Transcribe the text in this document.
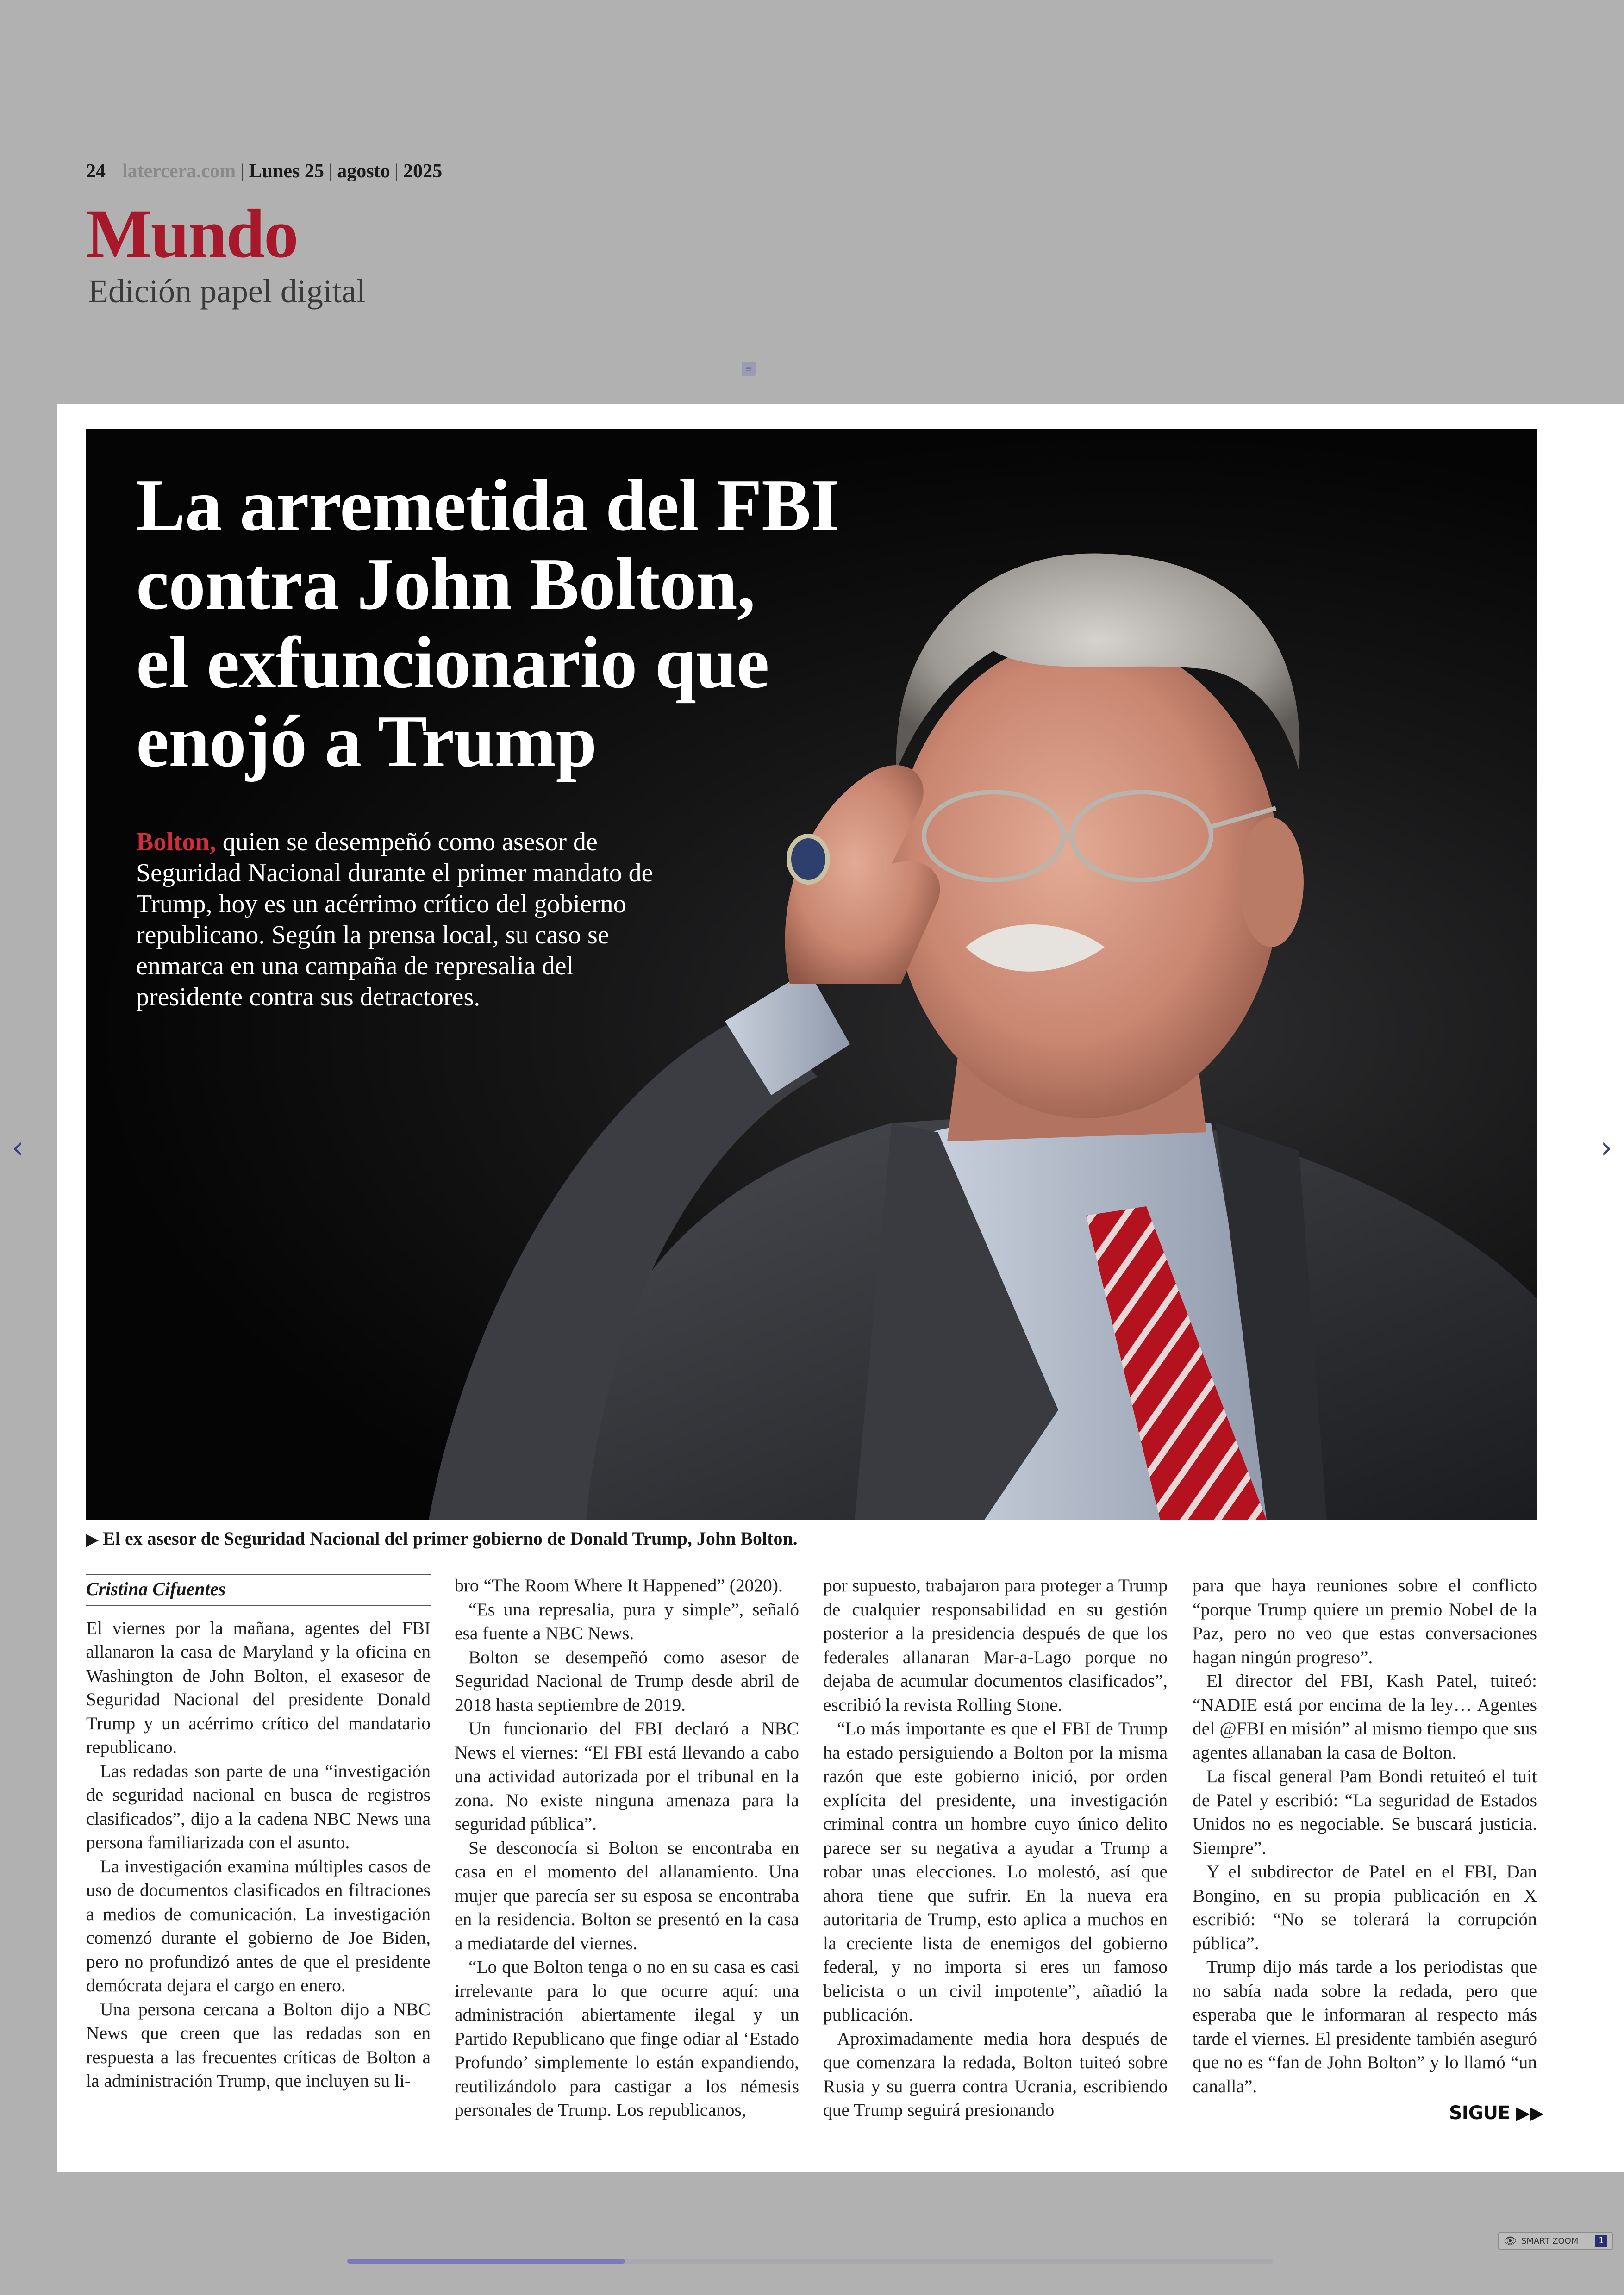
24 latercera.com | Lunes 25 | agosto | 2025
Mundo
Edición papel digital
≡
La arremetida del FBI
contra John Bolton,
el exfuncionario que
enojó a Trump

Bolton, quien se desempeñó como asesor de Seguridad Nacional durante el primer mandato de Trump, hoy es un acérrimo crítico del gobierno republicano. Según la prensa local, su caso se enmarca en una campaña de represalia del presidente contra sus detractores.

▶ El ex asesor de Seguridad Nacional del primer gobierno de Donald Trump, John Bolton.
Cristina Cifuentes

El viernes por la mañana, agentes del FBI allanaron la casa de Maryland y la oficina en Washington de John Bolton, el exasesor de Seguridad Nacional del presidente Donald Trump y un acérrimo crítico del mandatario republicano.

Las redadas son parte de una “investigación de seguridad nacional en busca de registros clasificados”, dijo a la cadena NBC News una persona familiarizada con el asunto.

La investigación examina múltiples casos de uso de documentos clasificados en filtraciones a medios de comunicación. La investigación comenzó durante el gobierno de Joe Biden, pero no profundizó antes de que el presidente demócrata dejara el cargo en enero.

Una persona cercana a Bolton dijo a NBC News que creen que las redadas son en respuesta a las frecuentes críticas de Bolton a la administración Trump, que incluyen su li-

bro “The Room Where It Happened” (2020).

“Es una represalia, pura y simple”, señaló esa fuente a NBC News.

Bolton se desempeñó como asesor de Seguridad Nacional de Trump desde abril de 2018 hasta septiembre de 2019.

Un funcionario del FBI declaró a NBC News el viernes: “El FBI está llevando a cabo una actividad autorizada por el tribunal en la zona. No existe ninguna amenaza para la seguridad pública”.

Se desconocía si Bolton se encontraba en casa en el momento del allanamiento. Una mujer que parecía ser su esposa se encontraba en la residencia. Bolton se presentó en la casa a mediatarde del viernes.

“Lo que Bolton tenga o no en su casa es casi irrelevante para lo que ocurre aquí: una administración abiertamente ilegal y un Partido Republicano que finge odiar al ‘Estado Profundo’ simplemente lo están expandiendo, reutilizándolo para castigar a los némesis personales de Trump. Los republicanos,

por supuesto, trabajaron para proteger a Trump de cualquier responsabilidad en su gestión posterior a la presidencia después de que los federales allanaran Mar-a-Lago porque no dejaba de acumular documentos clasificados”, escribió la revista Rolling Stone.

“Lo más importante es que el FBI de Trump ha estado persiguiendo a Bolton por la misma razón que este gobierno inició, por orden explícita del presidente, una investigación criminal contra un hombre cuyo único delito parece ser su negativa a ayudar a Trump a robar unas elecciones. Lo molestó, así que ahora tiene que sufrir. En la nueva era autoritaria de Trump, esto aplica a muchos en la creciente lista de enemigos del gobierno federal, y no importa si eres un famoso belicista o un civil impotente”, añadió la publicación.

Aproximadamente media hora después de que comenzara la redada, Bolton tuiteó sobre Rusia y su guerra contra Ucrania, escribiendo que Trump seguirá presionando

para que haya reuniones sobre el conflicto “porque Trump quiere un premio Nobel de la Paz, pero no veo que estas conversaciones hagan ningún progreso”.

El director del FBI, Kash Patel, tuiteó: “NADIE está por encima de la ley… Agentes del @FBI en misión” al mismo tiempo que sus agentes allanaban la casa de Bolton.

La fiscal general Pam Bondi retuiteó el tuit de Patel y escribió: “La seguridad de Estados Unidos no es negociable. Se buscará justicia. Siempre”.

Y el subdirector de Patel en el FBI, Dan Bongino, en su propia publicación en X escribió: “No se tolerará la corrupción pública”.

Trump dijo más tarde a los periodistas que no sabía nada sobre la redada, pero que esperaba que le informaran al respecto más tarde el viernes. El presidente también aseguró que no es “fan de John Bolton” y lo llamó “un canalla”.

SIGUE ▶▶
‹	›
👁 SMART ZOOM	1
